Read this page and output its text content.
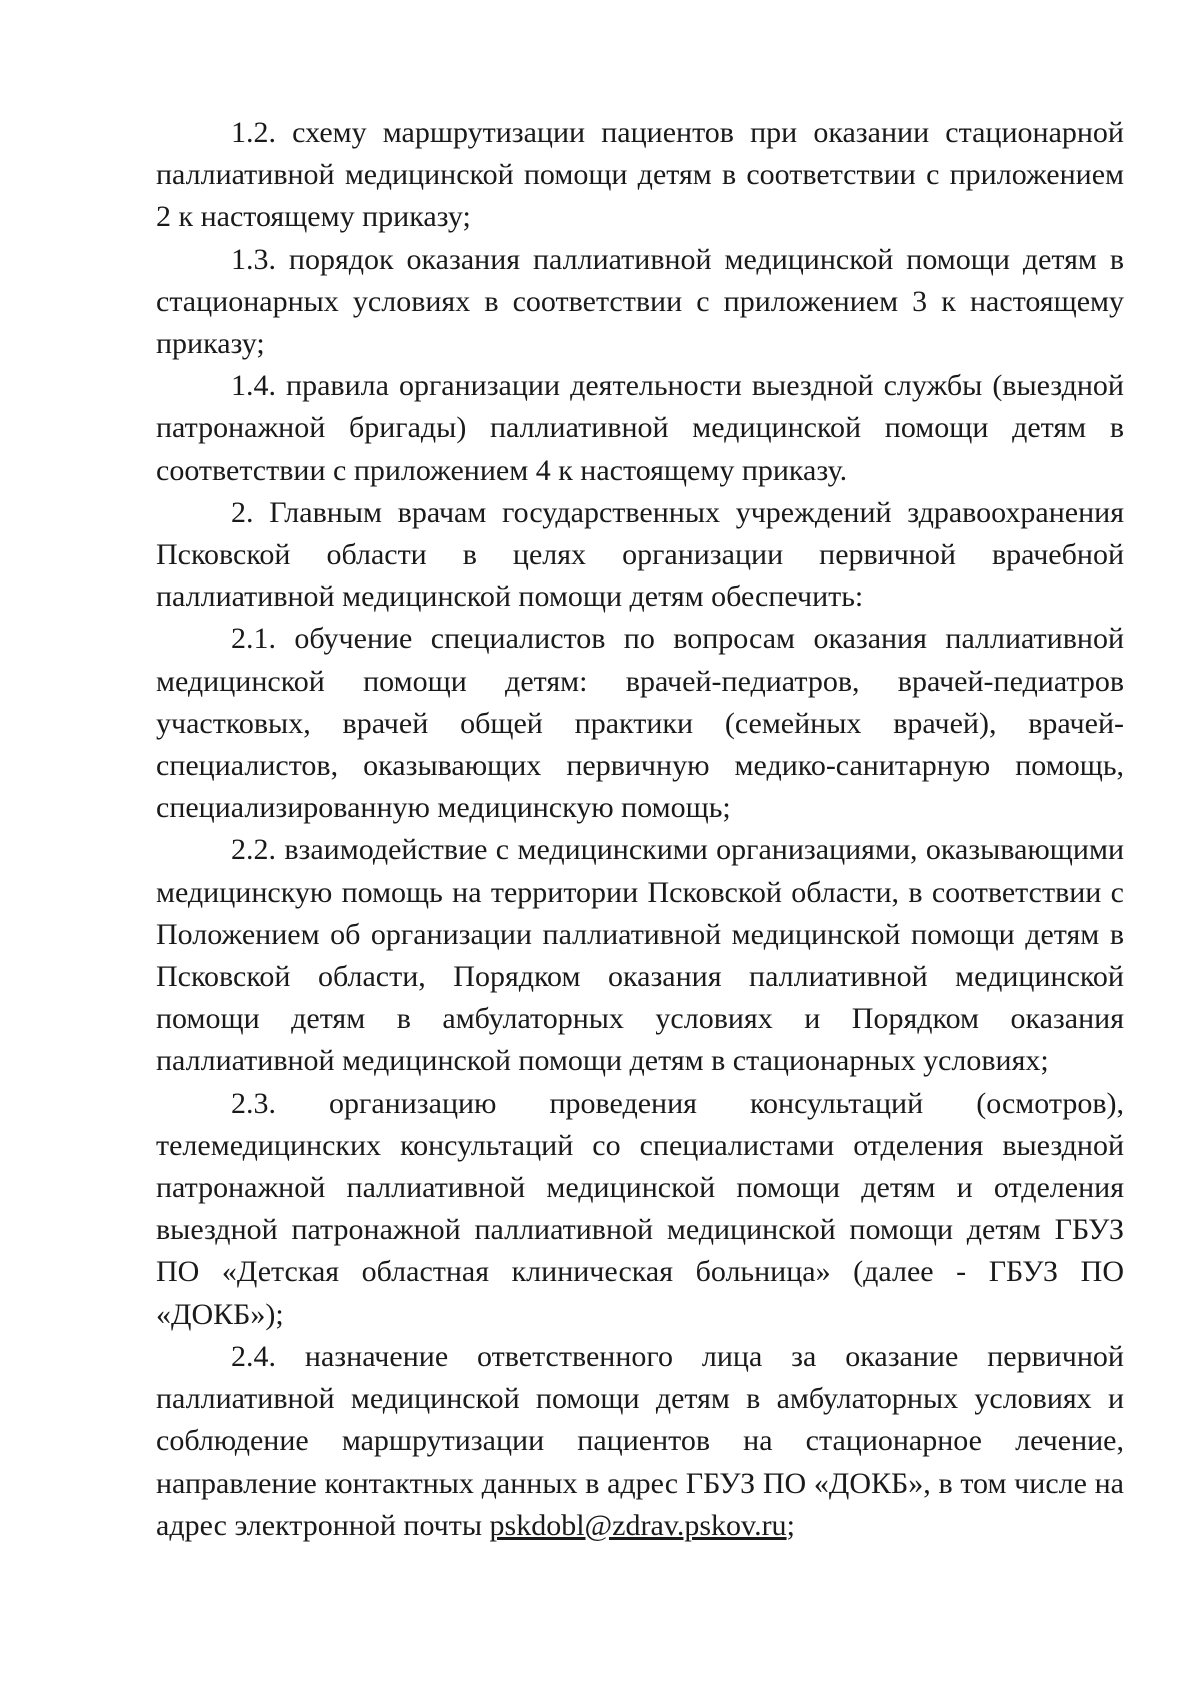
1.2. схему маршрутизации пациентов при оказании стационарной паллиативной медицинской помощи детям в соответствии с приложением 2 к настоящему приказу;

1.3. порядок оказания паллиативной медицинской помощи детям в стационарных условиях в соответствии с приложением 3 к настоящему приказу;

1.4. правила организации деятельности выездной службы (выездной патронажной бригады) паллиативной медицинской помощи детям в соответствии с приложением 4 к настоящему приказу.

2. Главным врачам государственных учреждений здравоохранения Псковской области в целях организации первичной врачебной паллиативной медицинской помощи детям обеспечить:

2.1. обучение специалистов по вопросам оказания паллиативной медицинской помощи детям: врачей-педиатров, врачей-педиатров участковых, врачей общей практики (семейных врачей), врачей-специалистов, оказывающих первичную медико-санитарную помощь, специализированную медицинскую помощь;

2.2. взаимодействие с медицинскими организациями, оказывающими медицинскую помощь на территории Псковской области, в соответствии с Положением об организации паллиативной медицинской помощи детям в Псковской области, Порядком оказания паллиативной медицинской помощи детям в амбулаторных условиях и Порядком оказания паллиативной медицинской помощи детям в стационарных условиях;

2.3. организацию проведения консультаций (осмотров), телемедицинских консультаций со специалистами отделения выездной патронажной паллиативной медицинской помощи детям и отделения выездной патронажной паллиативной медицинской помощи детям ГБУЗ ПО «Детская областная клиническая больница» (далее - ГБУЗ ПО «ДОКБ»);

2.4. назначение ответственного лица за оказание первичной паллиативной медицинской помощи детям в амбулаторных условиях и соблюдение маршрутизации пациентов на стационарное лечение, направление контактных данных в адрес ГБУЗ ПО «ДОКБ», в том числе на адрес электронной почты pskdobl@zdrav.pskov.ru;
